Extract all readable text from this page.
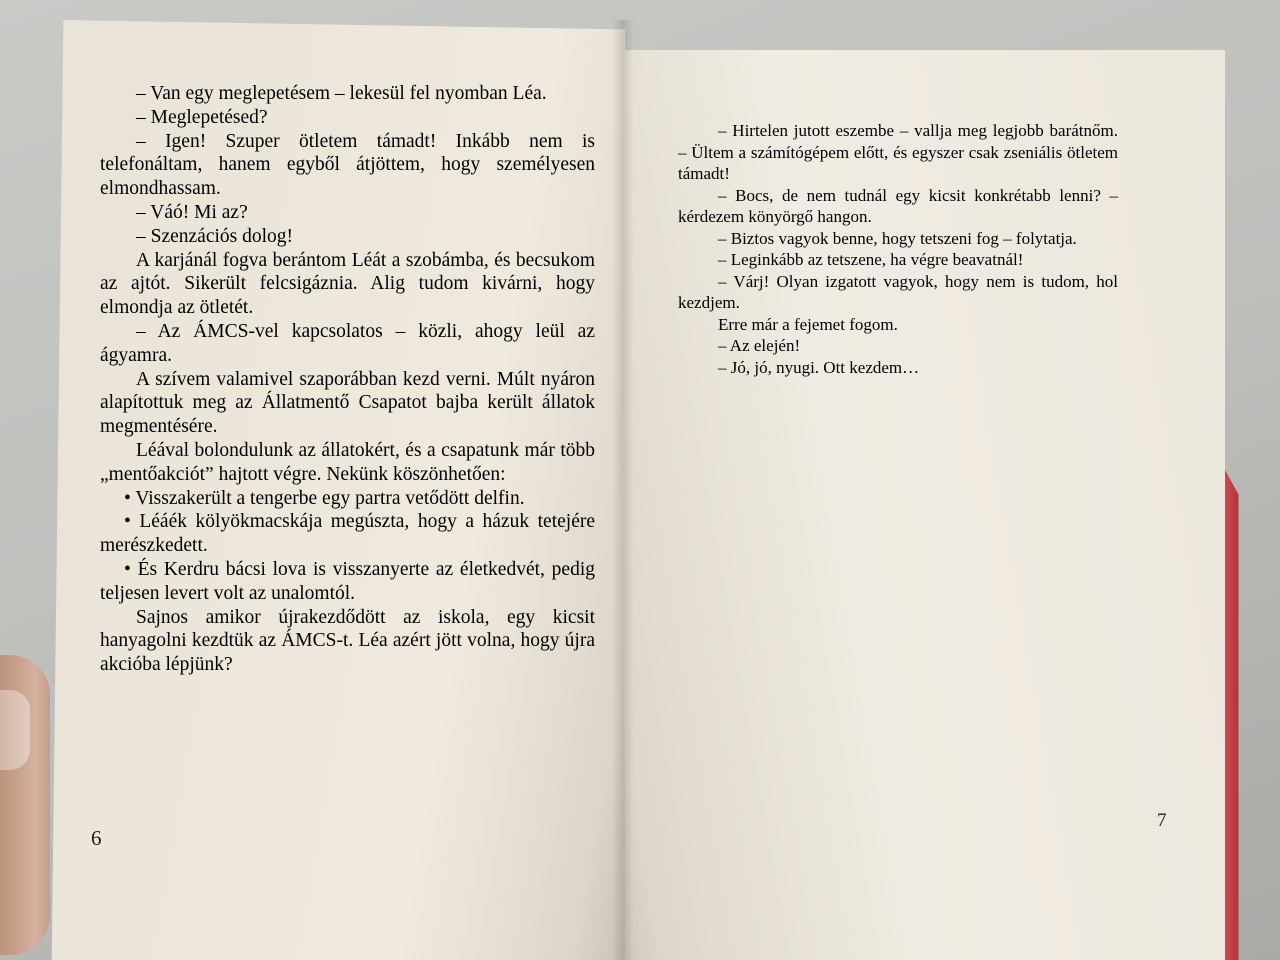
– Van egy meglepetésem – lekesül fel nyomban Léa.

– Meglepetésed?

– Igen! Szuper ötletem támadt! Inkább nem is telefonáltam, hanem egyből átjöttem, hogy személyesen elmondhassam.

– Váó! Mi az?

– Szenzációs dolog!

A karjánál fogva berántom Léát a szobámba, és becsukom az ajtót. Sikerült felcsigáznia. Alig tudom kivárni, hogy elmondja az ötletét.

– Az ÁMCS-vel kapcsolatos – közli, ahogy leül az ágyamra.

A szívem valamivel szaporábban kezd verni. Múlt nyáron alapítottuk meg az Állatmentő Csapatot bajba került állatok megmentésére.

Léával bolondulunk az állatokért, és a csapatunk már több „mentőakciót” hajtott végre. Nekünk köszönhetően:

• Visszakerült a tengerbe egy partra vetődött delfin.

• Léáék kölyökmacskája megúszta, hogy a házuk tetejére merészkedett.

• És Kerdru bácsi lova is visszanyerte az életkedvét, pedig teljesen levert volt az unalomtól.

Sajnos amikor újrakezdődött az iskola, egy kicsit hanyagolni kezdtük az ÁMCS-t. Léa azért jött volna, hogy újra akcióba lépjünk?

6

– Hirtelen jutott eszembe – vallja meg legjobb barátnőm. – Ültem a számítógépem előtt, és egyszer csak zseniális ötletem támadt!

– Bocs, de nem tudnál egy kicsit konkrétabb lenni? – kérdezem könyörgő hangon.

– Biztos vagyok benne, hogy tetszeni fog – folytatja.

– Leginkább az tetszene, ha végre beavatnál!

– Várj! Olyan izgatott vagyok, hogy nem is tudom, hol kezdjem.

Erre már a fejemet fogom.

– Az elején!

– Jó, jó, nyugi. Ott kezdem…

7
